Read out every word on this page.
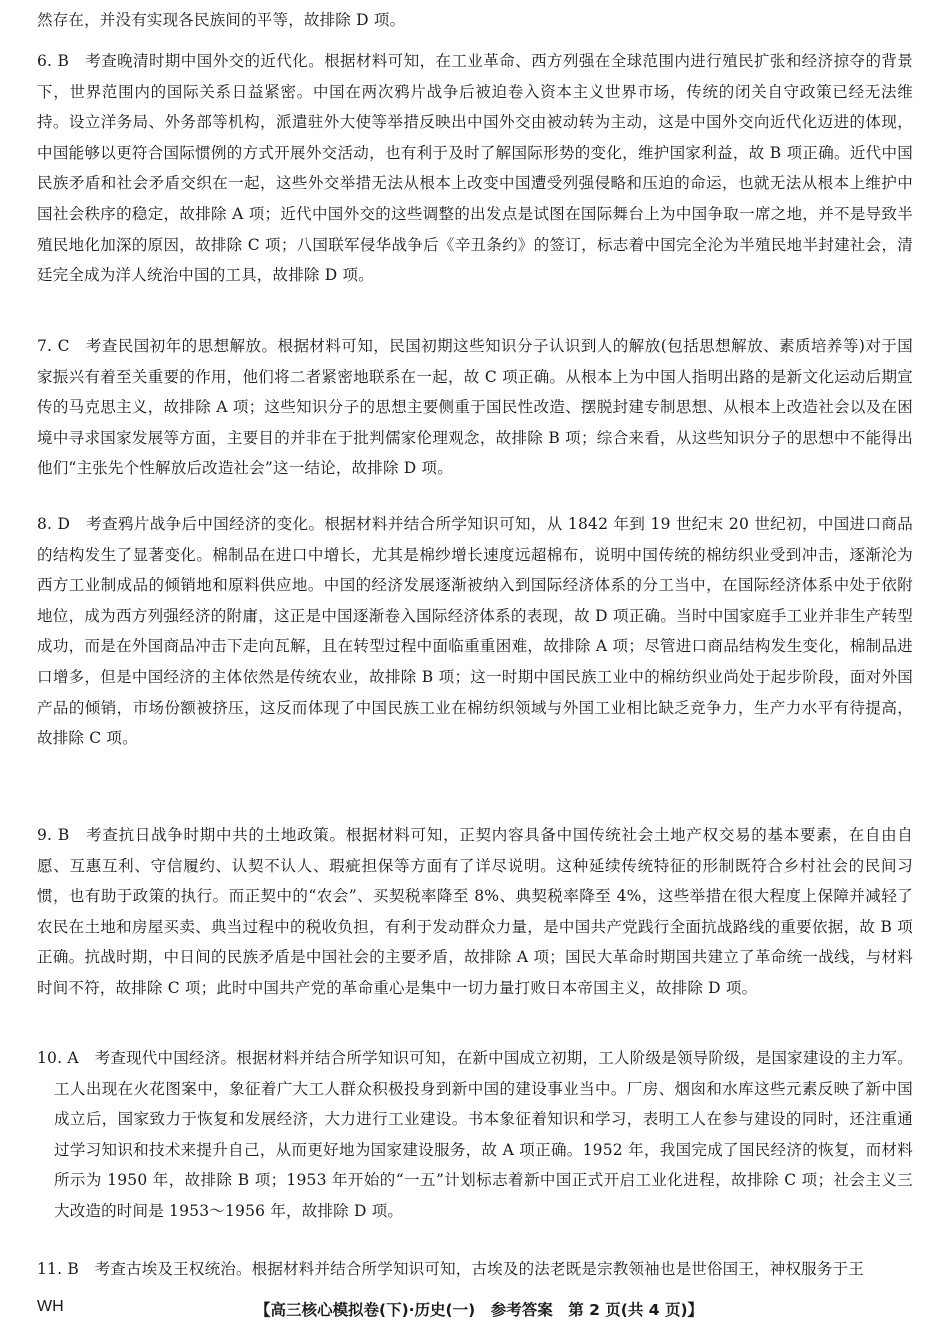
然存在，并没有实现各民族间的平等，故排除 D 项。
6. B　考查晚清时期中国外交的近代化。根据材料可知，在工业革命、西方列强在全球范围内进行殖民扩张和经济掠夺的背景下，世界范围内的国际关系日益紧密。中国在两次鸦片战争后被迫卷入资本主义世界市场，传统的闭关自守政策已经无法维持。设立洋务局、外务部等机构，派遣驻外大使等举措反映出中国外交由被动转为主动，这是中国外交向近代化迈进的体现，中国能够以更符合国际惯例的方式开展外交活动，也有利于及时了解国际形势的变化，维护国家利益，故 B 项正确。近代中国民族矛盾和社会矛盾交织在一起，这些外交举措无法从根本上改变中国遭受列强侵略和压迫的命运，也就无法从根本上维护中国社会秩序的稳定，故排除 A 项；近代中国外交的这些调整的出发点是试图在国际舞台上为中国争取一席之地，并不是导致半殖民地化加深的原因，故排除 C 项；八国联军侵华战争后《辛丑条约》的签订，标志着中国完全沦为半殖民地半封建社会，清廷完全成为洋人统治中国的工具，故排除 D 项。
7. C　考查民国初年的思想解放。根据材料可知，民国初期这些知识分子认识到人的解放(包括思想解放、素质培养等)对于国家振兴有着至关重要的作用，他们将二者紧密地联系在一起，故 C 项正确。从根本上为中国人指明出路的是新文化运动后期宣传的马克思主义，故排除 A 项；这些知识分子的思想主要侧重于国民性改造、摆脱封建专制思想、从根本上改造社会以及在困境中寻求国家发展等方面，主要目的并非在于批判儒家伦理观念，故排除 B 项；综合来看，从这些知识分子的思想中不能得出他们“主张先个性解放后改造社会”这一结论，故排除 D 项。
8. D　考查鸦片战争后中国经济的变化。根据材料并结合所学知识可知，从 1842 年到 19 世纪末 20 世纪初，中国进口商品的结构发生了显著变化。棉制品在进口中增长，尤其是棉纱增长速度远超棉布，说明中国传统的棉纺织业受到冲击，逐渐沦为西方工业制成品的倾销地和原料供应地。中国的经济发展逐渐被纳入到国际经济体系的分工当中，在国际经济体系中处于依附地位，成为西方列强经济的附庸，这正是中国逐渐卷入国际经济体系的表现，故 D 项正确。当时中国家庭手工业并非生产转型成功，而是在外国商品冲击下走向瓦解，且在转型过程中面临重重困难，故排除 A 项；尽管进口商品结构发生变化，棉制品进口增多，但是中国经济的主体依然是传统农业，故排除 B 项；这一时期中国民族工业中的棉纺织业尚处于起步阶段，面对外国产品的倾销，市场份额被挤压，这反而体现了中国民族工业在棉纺织领域与外国工业相比缺乏竞争力，生产力水平有待提高，故排除 C 项。
9. B　考查抗日战争时期中共的土地政策。根据材料可知，正契内容具备中国传统社会土地产权交易的基本要素，在自由自愿、互惠互利、守信履约、认契不认人、瑕疵担保等方面有了详尽说明。这种延续传统特征的形制既符合乡村社会的民间习惯，也有助于政策的执行。而正契中的“农会”、买契税率降至 8%、典契税率降至 4%，这些举措在很大程度上保障并减轻了农民在土地和房屋买卖、典当过程中的税收负担，有利于发动群众力量，是中国共产党践行全面抗战路线的重要依据，故 B 项正确。抗战时期，中日间的民族矛盾是中国社会的主要矛盾，故排除 A 项；国民大革命时期国共建立了革命统一战线，与材料时间不符，故排除 C 项；此时中国共产党的革命重心是集中一切力量打败日本帝国主义，故排除 D 项。
10. A　考查现代中国经济。根据材料并结合所学知识可知，在新中国成立初期，工人阶级是领导阶级，是国家建设的主力军。工人出现在火花图案中，象征着广大工人群众积极投身到新中国的建设事业当中。厂房、烟囱和水库这些元素反映了新中国成立后，国家致力于恢复和发展经济，大力进行工业建设。书本象征着知识和学习，表明工人在参与建设的同时，还注重通过学习知识和技术来提升自己，从而更好地为国家建设服务，故 A 项正确。1952 年，我国完成了国民经济的恢复，而材料所示为 1950 年，故排除 B 项；1953 年开始的“一五”计划标志着新中国正式开启工业化进程，故排除 C 项；社会主义三大改造的时间是 1953～1956 年，故排除 D 项。
11. B　考查古埃及王权统治。根据材料并结合所学知识可知，古埃及的法老既是宗教领袖也是世俗国王，神权服务于王
WH	【高三核心模拟卷(下)·历史(一)　参考答案　第 2 页(共 4 页)】
